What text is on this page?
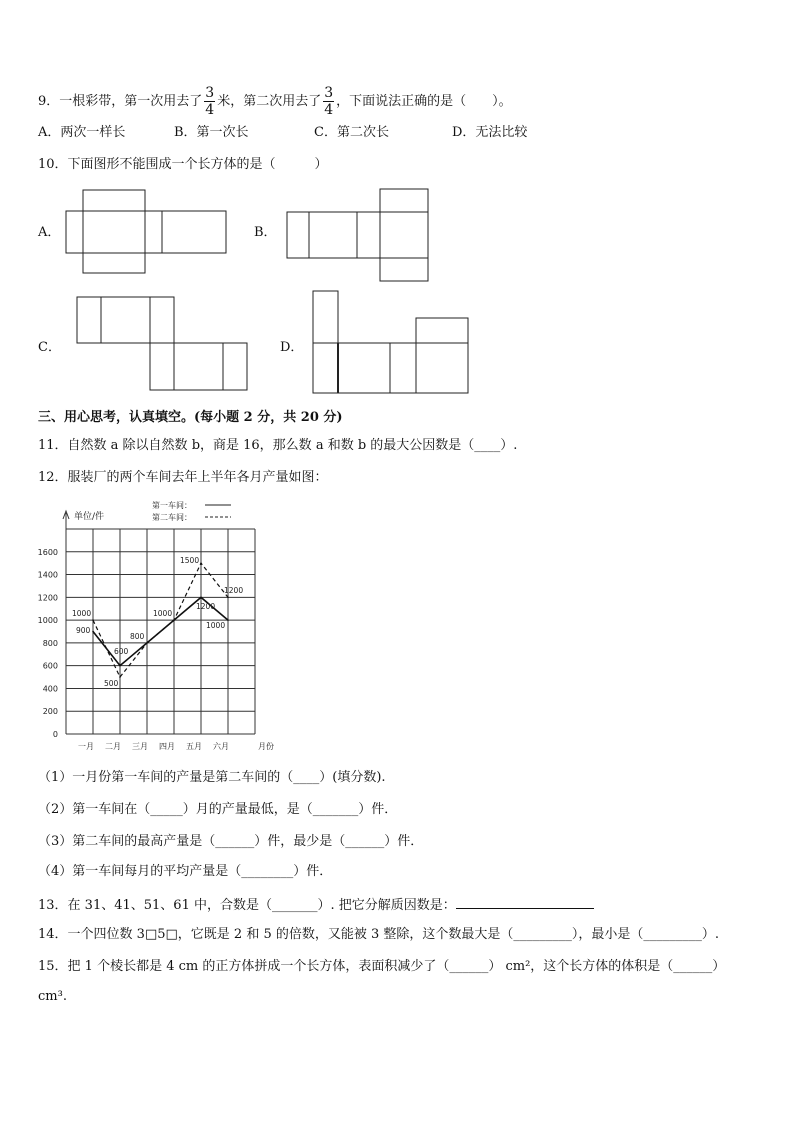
9．一根彩带，第一次用去了 $\frac{3}{4}$ 米，第二次用去了 $\frac{3}{4}$ ，下面说法正确的是（　　）。
A．两次一样长	B．第一次长	C．第二次长	D．无法比较
10．下面图形不能围成一个长方体的是（　　　）
A．	B．
C．	D．
三、用心思考，认真填空。(每小题 2 分，共 20 分)
11．自然数 a 除以自然数 b，商是 16，那么数 a 和数 b 的最大公因数是（____）.
12．服装厂的两个车间去年上半年各月产量如图：
0
200
400
600
800
1000
1200
1400
1600
单位/件
一月 二月 三月 四月 五月 六月	月份
第一车间：
第二车间：
1000
900
600
500
800
1000
1500
1200
1200
1000
（1）一月份第一车间的产量是第二车间的（____）(填分数).
（2）第一车间在（_____）月的产量最低，是（_______）件．
（3）第二车间的最高产量是（______）件，最少是（______）件．
（4）第一车间每月的平均产量是（________）件．
13．在 31、41、51、61 中，合数是（_______）. 把它分解质因数是：
14．一个四位数 3□5□，它既是 2 和 5 的倍数，又能被 3 整除，这个数最大是（_________），最小是（_________）.
15．把 1 个棱长都是 4 cm 的正方体拼成一个长方体，表面积减少了（______） cm²，这个长方体的体积是（______）
cm³.
